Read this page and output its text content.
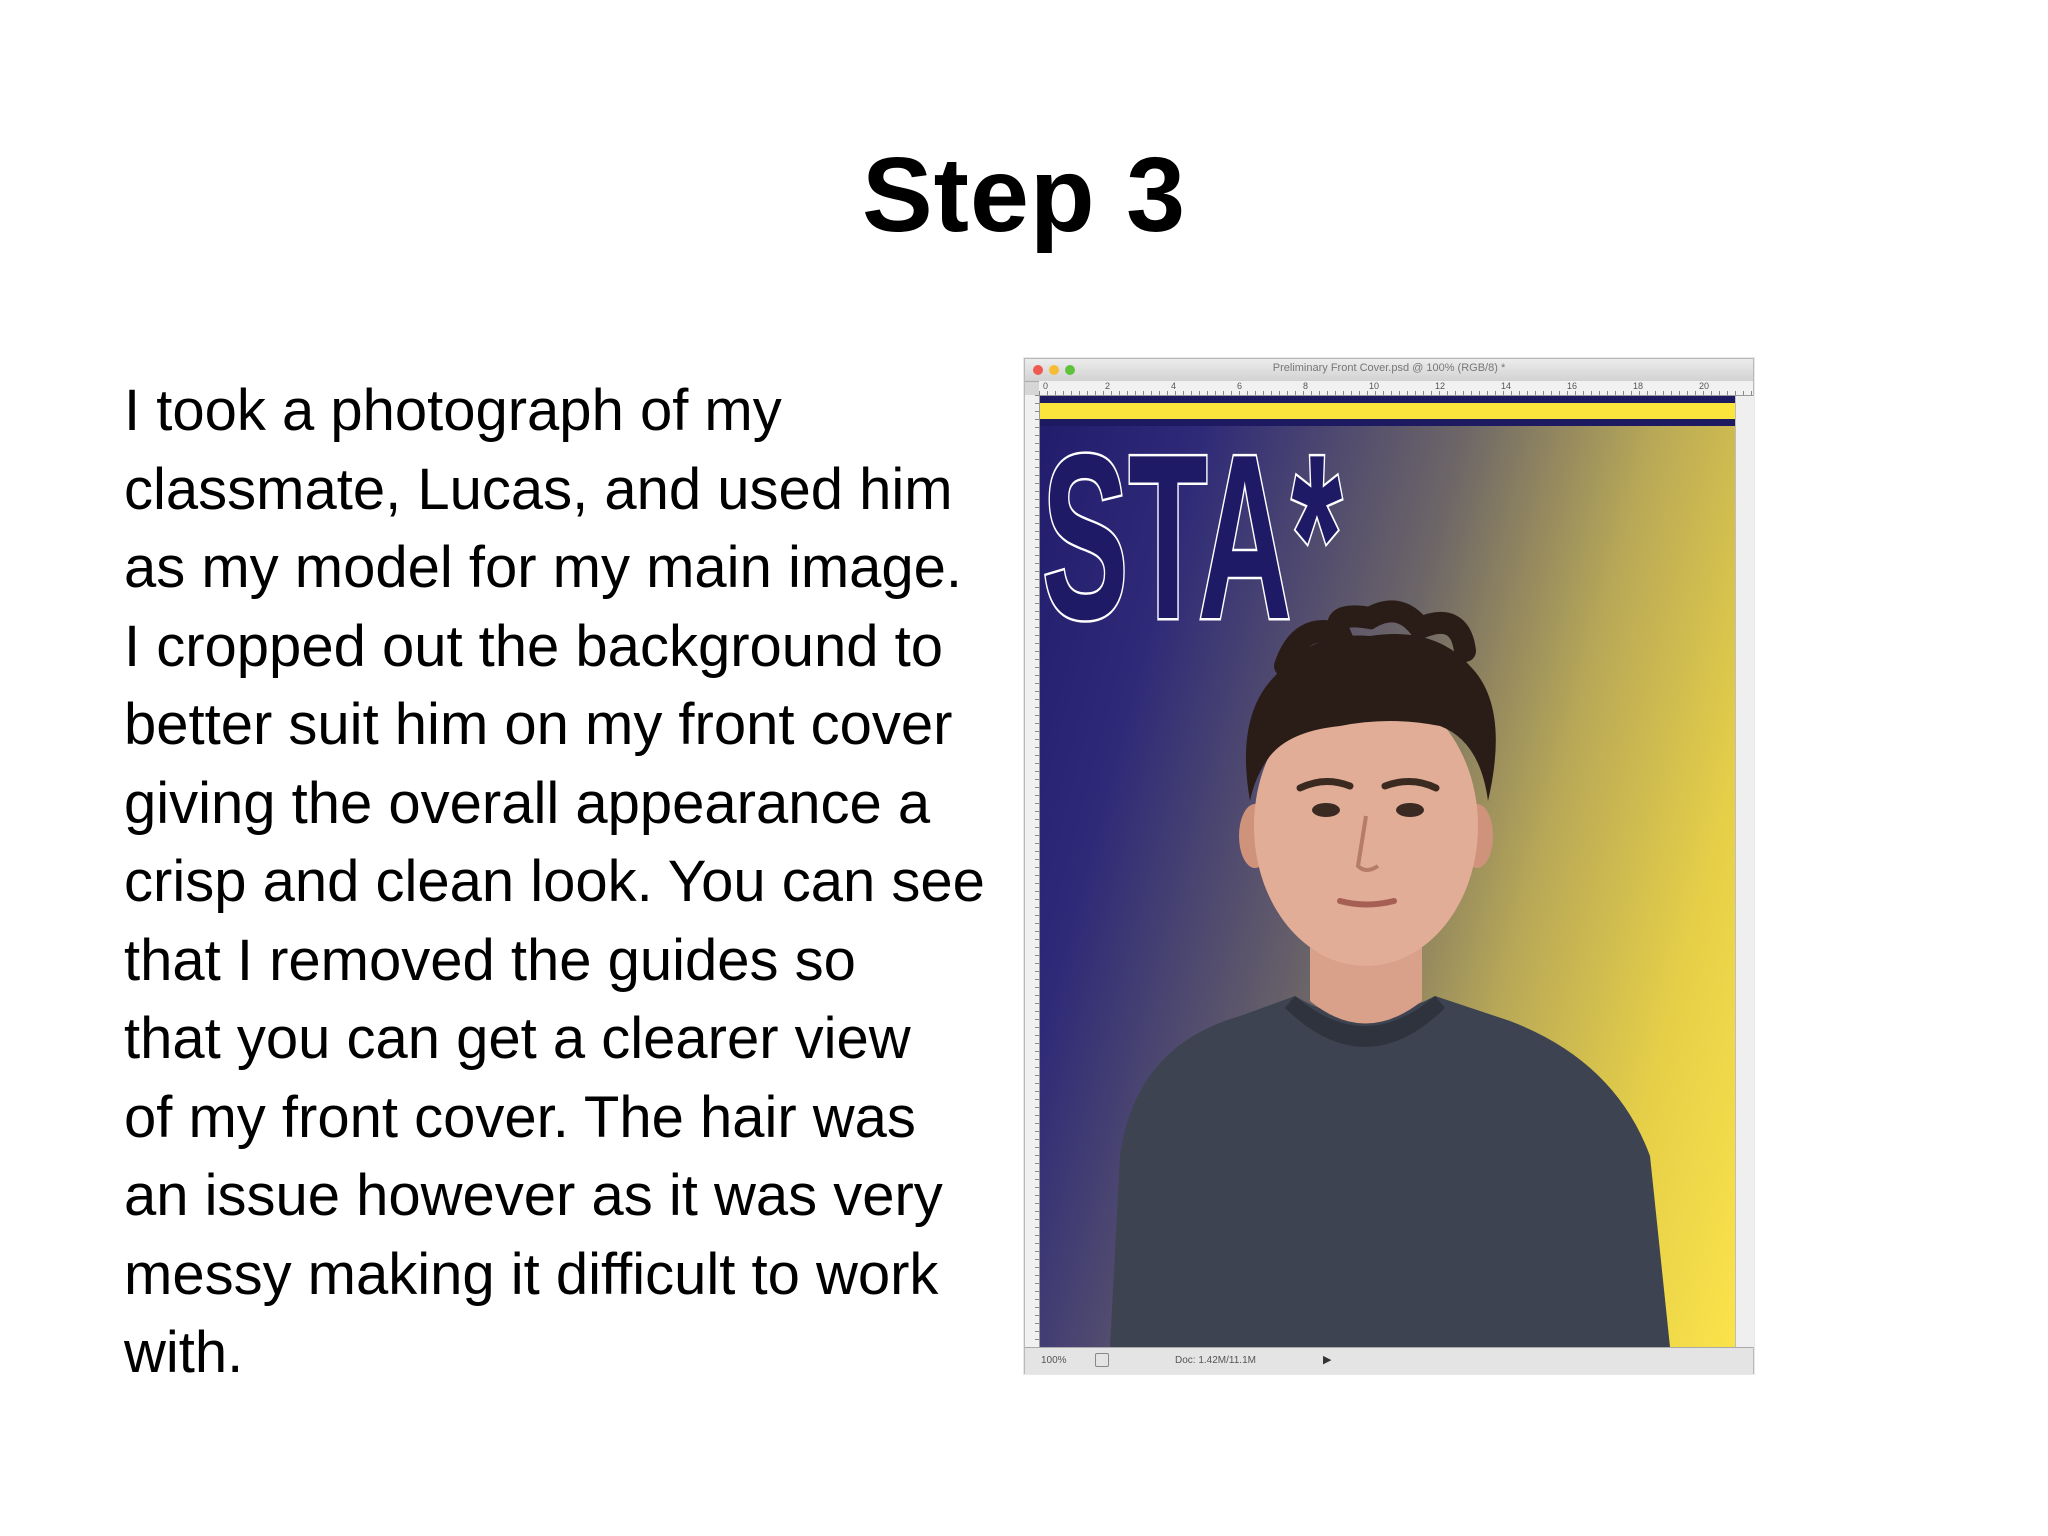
Step 3
I took a photograph of my
classmate, Lucas, and used him
as my model for my main image.
I cropped out the background to
better suit him on my front cover
giving the overall appearance a
crisp and clean look. You can see
that I removed the guides so
that you can get a clearer view
of my front cover. The hair was
an issue however as it was very
messy making it difficult to work
with.
Preliminary Front Cover.psd @ 100% (RGB/8) *
0	2	4	6	8	10	12	14	16	18	20
STA*
100%	Doc: 1.42M/11.1M	▶
